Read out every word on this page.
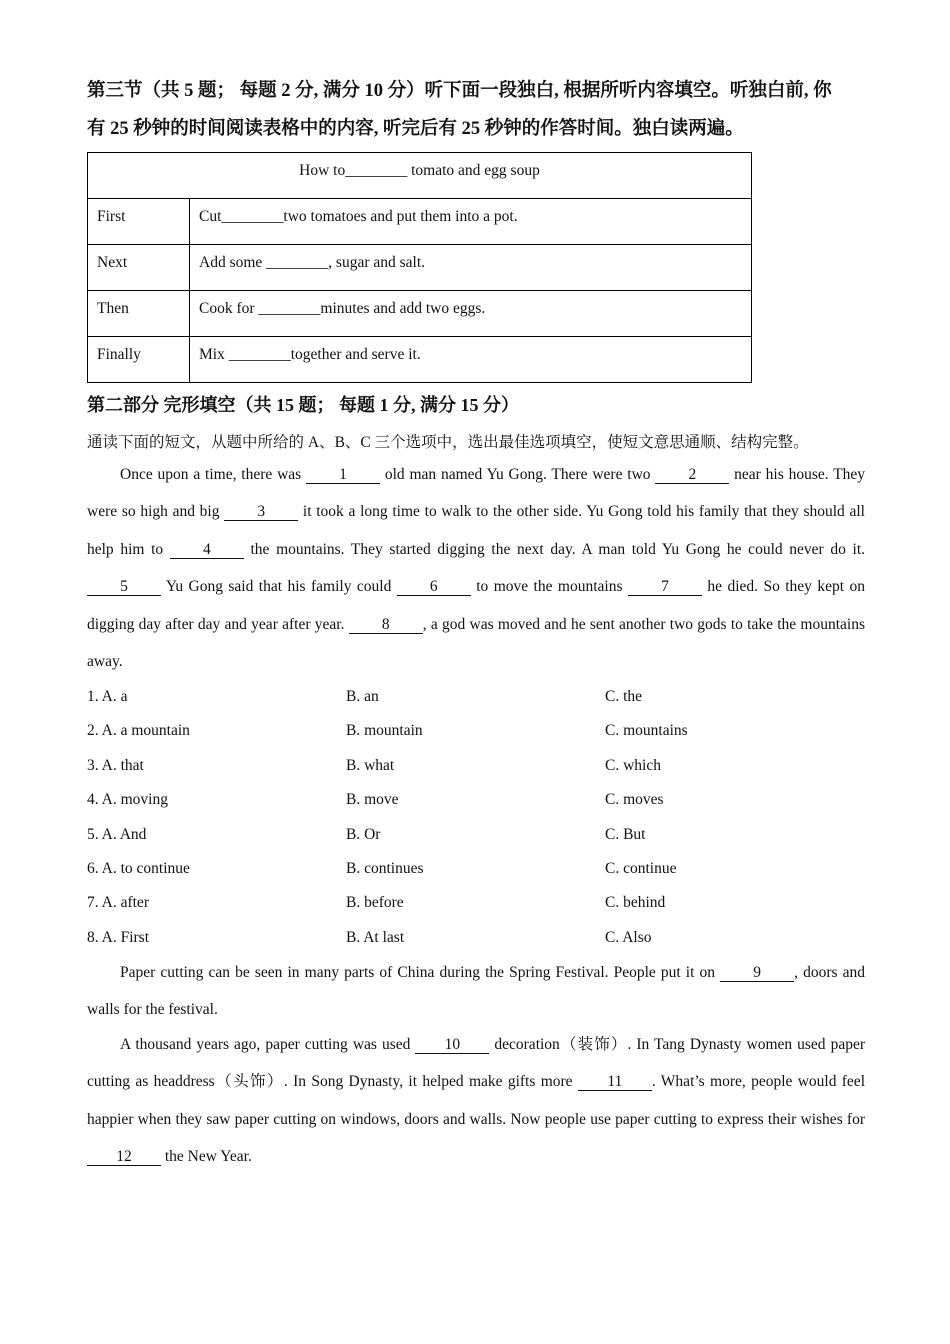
第三节（共 5 题； 每题 2 分, 满分 10 分）听下面一段独白, 根据所听内容填空。听独白前, 你
有 25 秒钟的时间阅读表格中的内容, 听完后有 25 秒钟的作答时间。独白读两遍。
How to________ tomato and egg soup	
First	Cut________two tomatoes and put them into a pot.
Next	Add some ________, sugar and salt.
Then	Cook for ________minutes and add two eggs.
Finally	Mix ________together and serve it.
第二部分 完形填空（共 15 题； 每题 1 分, 满分 15 分）
通读下面的短文，从题中所给的 A、B、C 三个选项中，选出最佳选项填空，使短文意思通顺、结构完整。
Once upon a time, there was 1 old man named Yu Gong. There were two 2 near his house. They were so high and big 3 it took a long time to walk to the other side. Yu Gong told his family that they should all help him to 4 the mountains. They started digging the next day. A man told Yu Gong he could never do it. 5 Yu Gong said that his family could 6 to move the mountains 7 he died. So they kept on digging day after day and year after year. 8 , a god was moved and he sent another two gods to take the mountains away.
1. A. a	B. an	C. the
2. A. a mountain	B. mountain	C. mountains
3. A. that	B. what	C. which
4. A. moving	B. move	C. moves
5. A. And	B. Or	C. But
6. A. to continue	B. continues	C. continue
7. A. after	B. before	C. behind
8. A. First	B. At last	C. Also
Paper cutting can be seen in many parts of China during the Spring Festival. People put it on 9 , doors and walls for the festival.
A thousand years ago, paper cutting was used 10 decoration（装饰）. In Tang Dynasty women used paper cutting as headdress（头饰）. In Song Dynasty, it helped make gifts more 11 . What’s more, people would feel happier when they saw paper cutting on windows, doors and walls. Now people use paper cutting to express their wishes for 12 the New Year.
